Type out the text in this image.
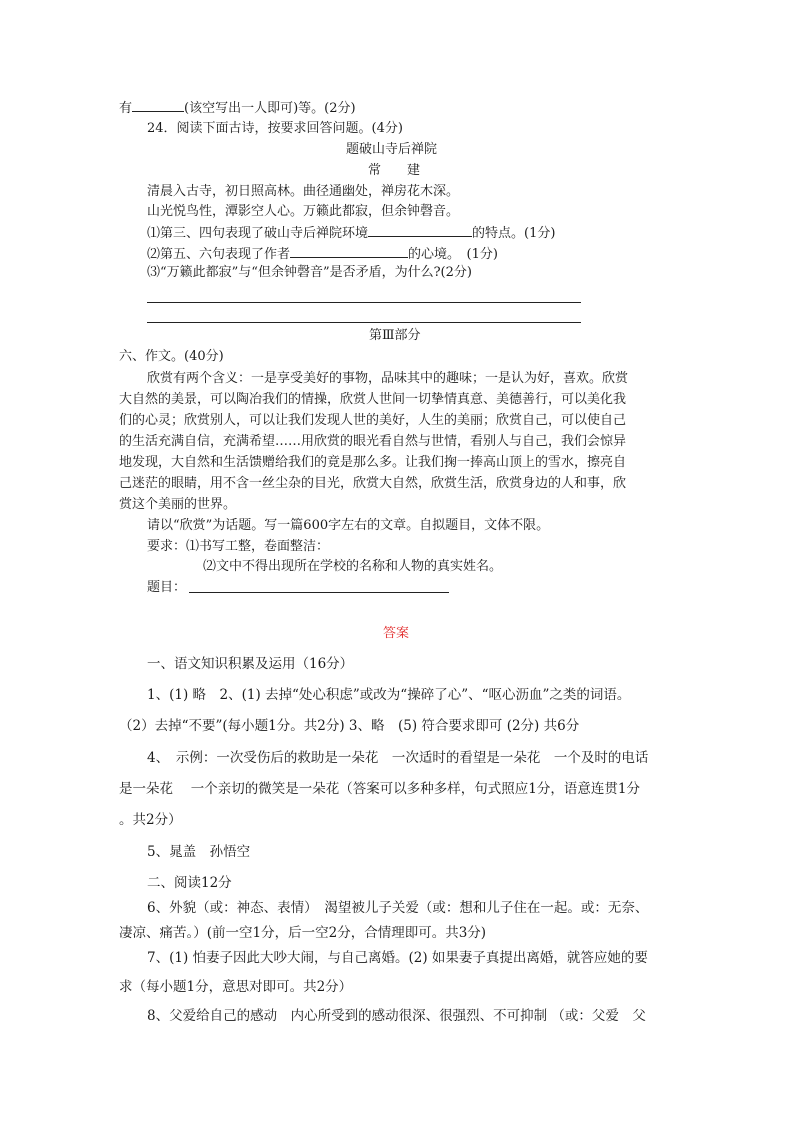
有	(该空写出一人即可)等。(2分)
24．阅读下面古诗，按要求回答问题。(4分)
题破山寺后禅院
常　　建
清晨入古寺，初日照高林。曲径通幽处，禅房花木深。
山光悦鸟性，潭影空人心。万籁此都寂，但余钟磬音。
⑴第三、四句表现了破山寺后禅院环境	的特点。(1分)
⑵第五、六句表现了作者	的心境。　(1分)
⑶“万籁此都寂”与“但余钟磬音”是否矛盾，为什么?(2分)
第Ⅲ部分
六、作文。(40分)
欣赏有两个含义：一是享受美好的事物，品味其中的趣味；一是认为好，喜欢。欣赏
大自然的美景，可以陶冶我们的情操，欣赏人世间一切挚情真意、美德善行，可以美化我
们的心灵；欣赏别人，可以让我们发现人世的美好，人生的美丽；欣赏自己，可以使自己
的生活充满自信，充满希望……用欣赏的眼光看自然与世情，看别人与自己，我们会惊异
地发现，大自然和生活馈赠给我们的竟是那么多。让我们掬一捧高山顶上的雪水，擦亮自
己迷茫的眼睛，用不含一丝尘杂的目光，欣赏大自然，欣赏生活，欣赏身边的人和事，欣
赏这个美丽的世界。
请以“欣赏”为话题。写一篇600字左右的文章。自拟题目，文体不限。
要求：⑴书写工整，卷面整洁：
⑵文中不得出现所在学校的名称和人物的真实姓名。
题目：
答案
一、语文知识积累及运用（16分）
1、(1) 略　2、(1) 去掉“处心积虑”或改为“操碎了心”、“呕心沥血”之类的词语。
（2）去掉“不要”(每小题1分。共2分) 3、略　(5) 符合要求即可 (2分) 共6分
4、　示例：一次受伤后的救助是一朵花　一次适时的看望是一朵花　一个及时的电话
是一朵花　 一个亲切的微笑是一朵花（答案可以多种多样，句式照应1分，语意连贯1分
。共2分）
5、晁盖　孙悟空
二、阅读12分
6、外貌（或：神态、表情）　渴望被儿子关爱（或：想和儿子住在一起。或：无奈、
凄凉、痛苦。）(前一空1分，后一空2分，合情理即可。共3分)
7、(1) 怕妻子因此大吵大闹，与自己离婚。(2) 如果妻子真提出离婚，就答应她的要
求（每小题1分，意思对即可。共2分）
8、父爱给自己的感动　内心所受到的感动很深、很强烈、不可抑制 （或：父爱　父
